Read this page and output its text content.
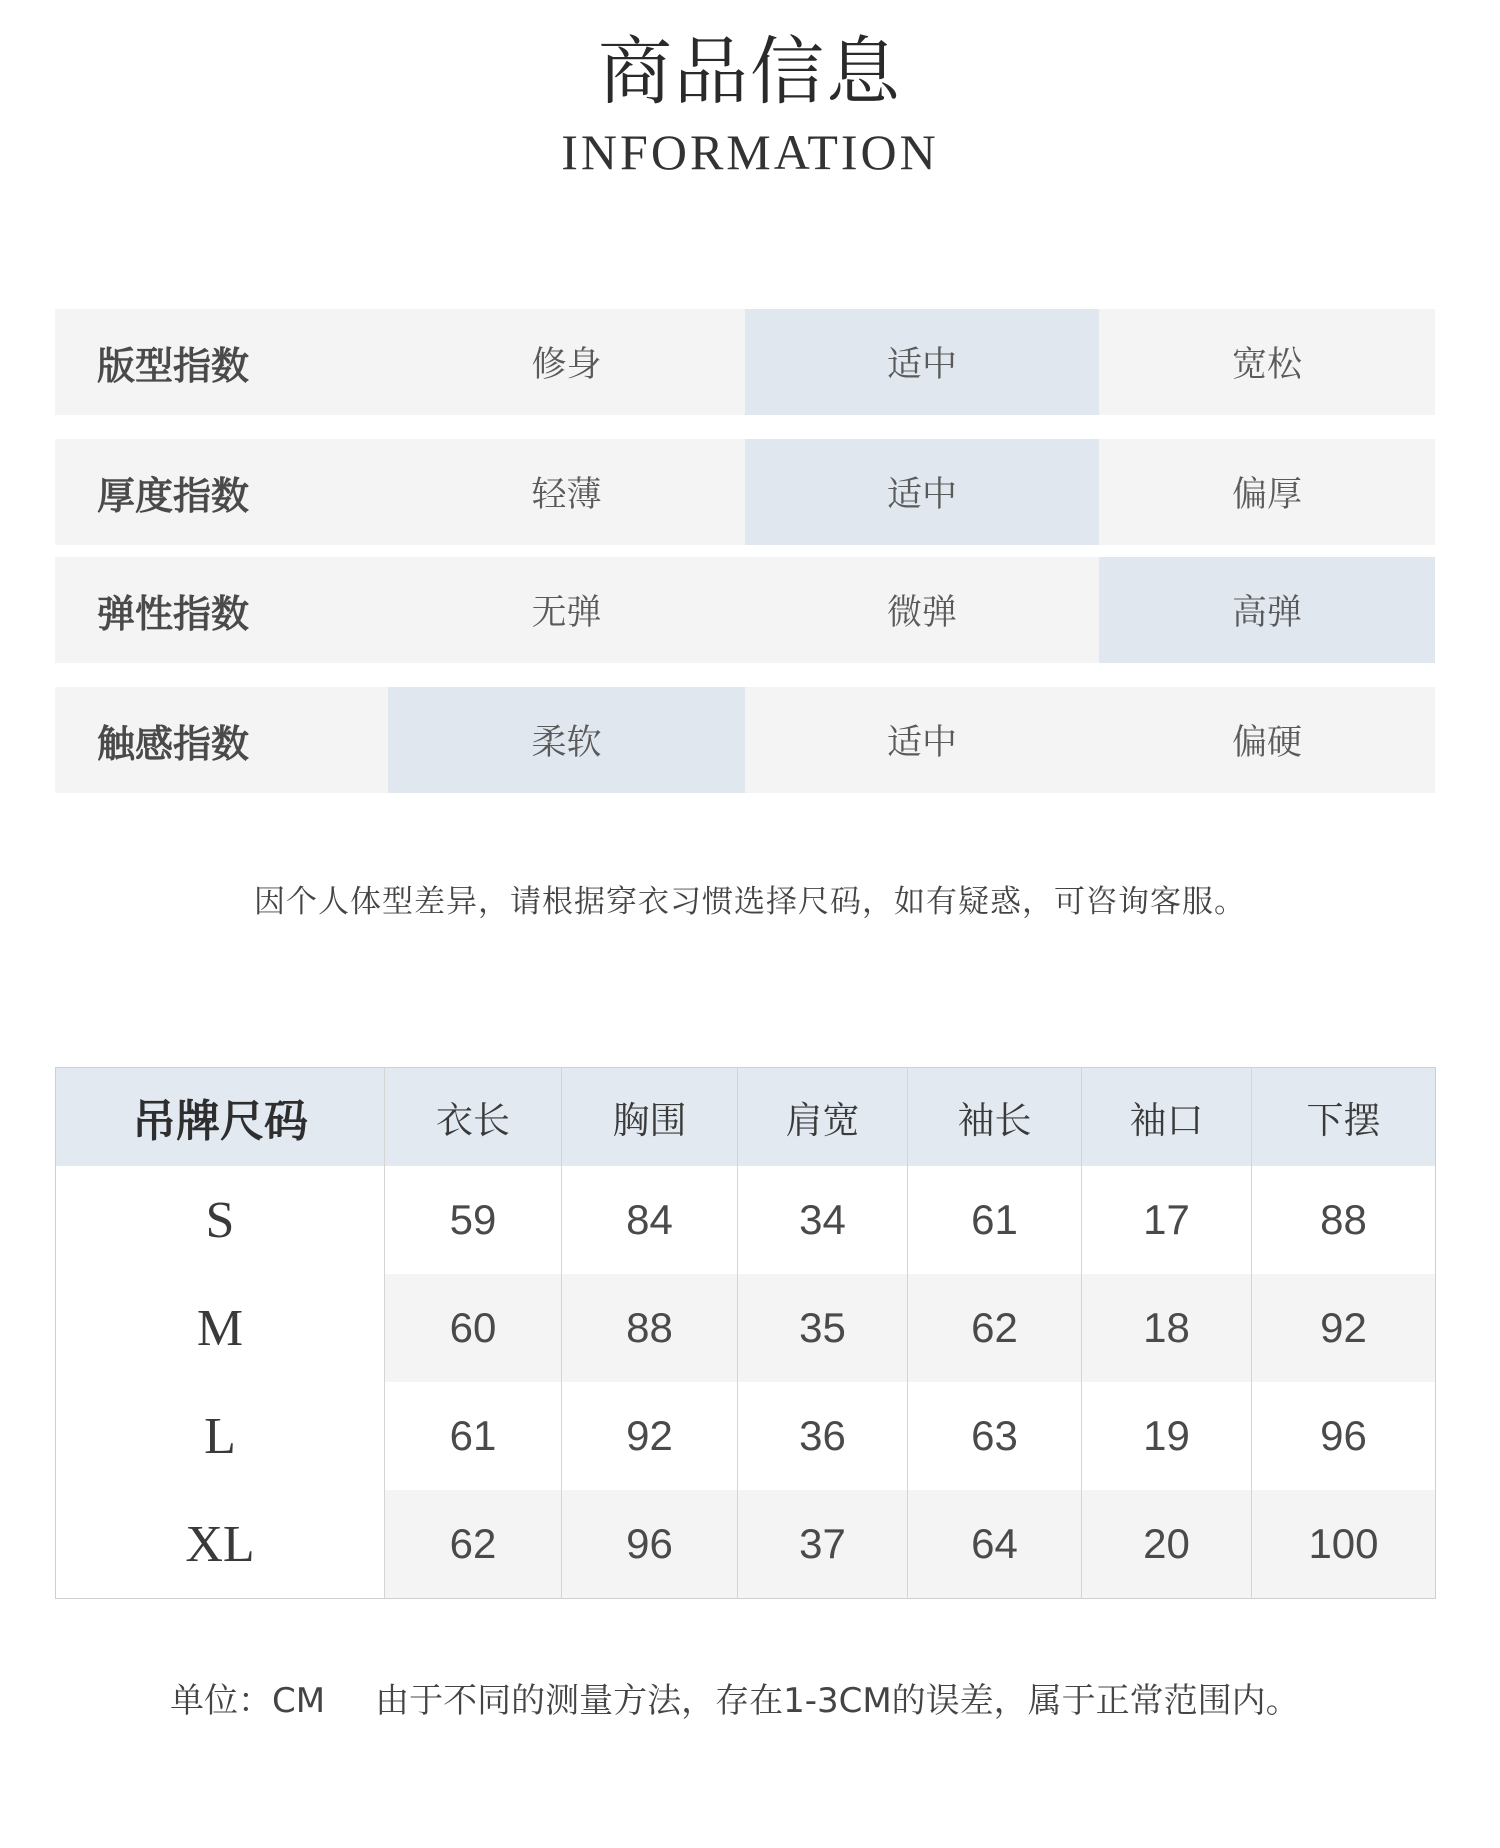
商品信息
INFORMATION
版型指数	修身	适中	宽松
厚度指数	轻薄	适中	偏厚
弹性指数	无弹	微弹	高弹
触感指数	柔软	适中	偏硬
因个人体型差异，请根据穿衣习惯选择尺码，如有疑惑，可咨询客服。
吊牌尺码	衣长	胸围	肩宽	袖长	袖口	下摆
S	59	84	34	61	17	88
M	60	88	35	62	18	92
L	61	92	36	63	19	96
XL	62	96	37	64	20	100
单位：CM 由于不同的测量方法，存在1-3CM的误差，属于正常范围内。
